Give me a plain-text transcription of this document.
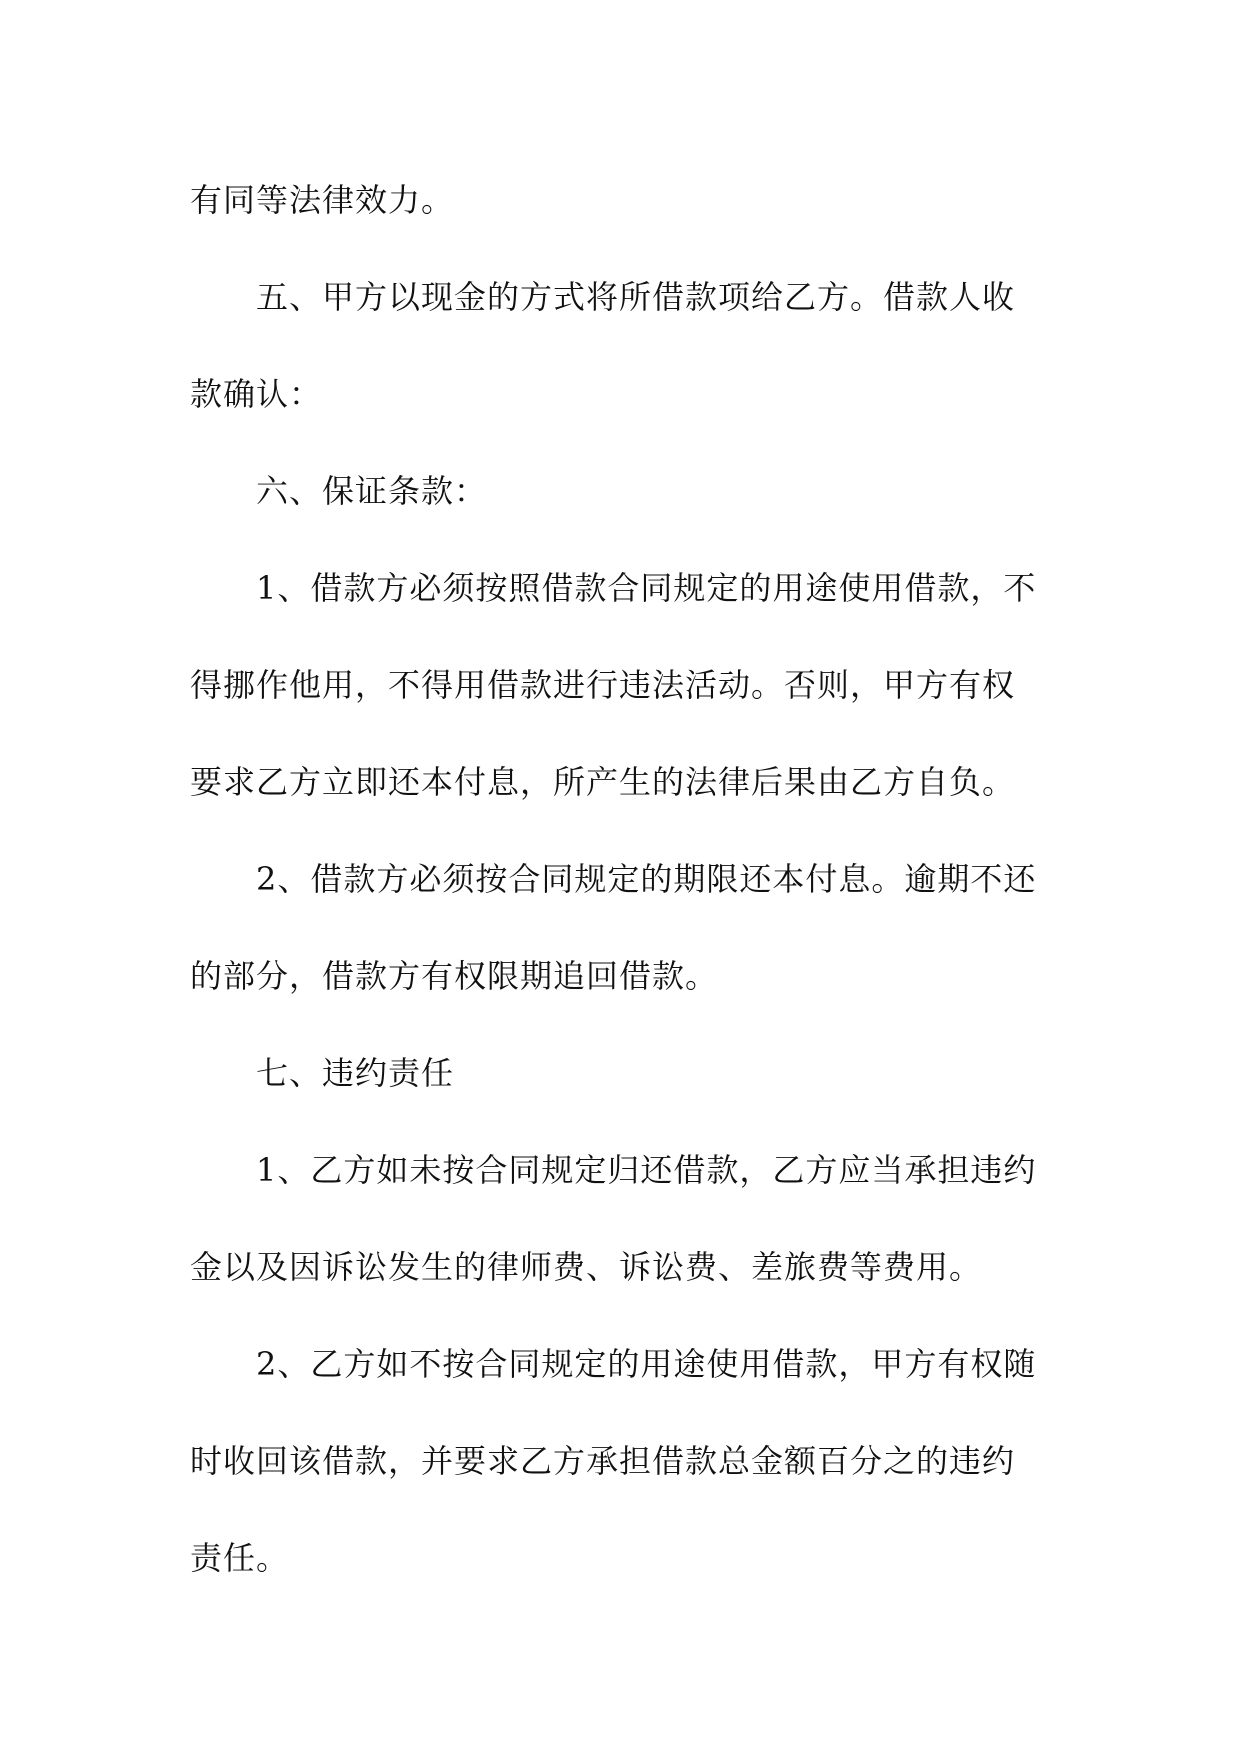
有同等法律效力。
五、甲方以现金的方式将所借款项给乙方。借款人收
款确认：
六、保证条款：
1、借款方必须按照借款合同规定的用途使用借款，不
得挪作他用，不得用借款进行违法活动。否则，甲方有权
要求乙方立即还本付息，所产生的法律后果由乙方自负。
2、借款方必须按合同规定的期限还本付息。逾期不还
的部分，借款方有权限期追回借款。
七、违约责任
1、乙方如未按合同规定归还借款，乙方应当承担违约
金以及因诉讼发生的律师费、诉讼费、差旅费等费用。
2、乙方如不按合同规定的用途使用借款，甲方有权随
时收回该借款，并要求乙方承担借款总金额百分之的违约
责任。
